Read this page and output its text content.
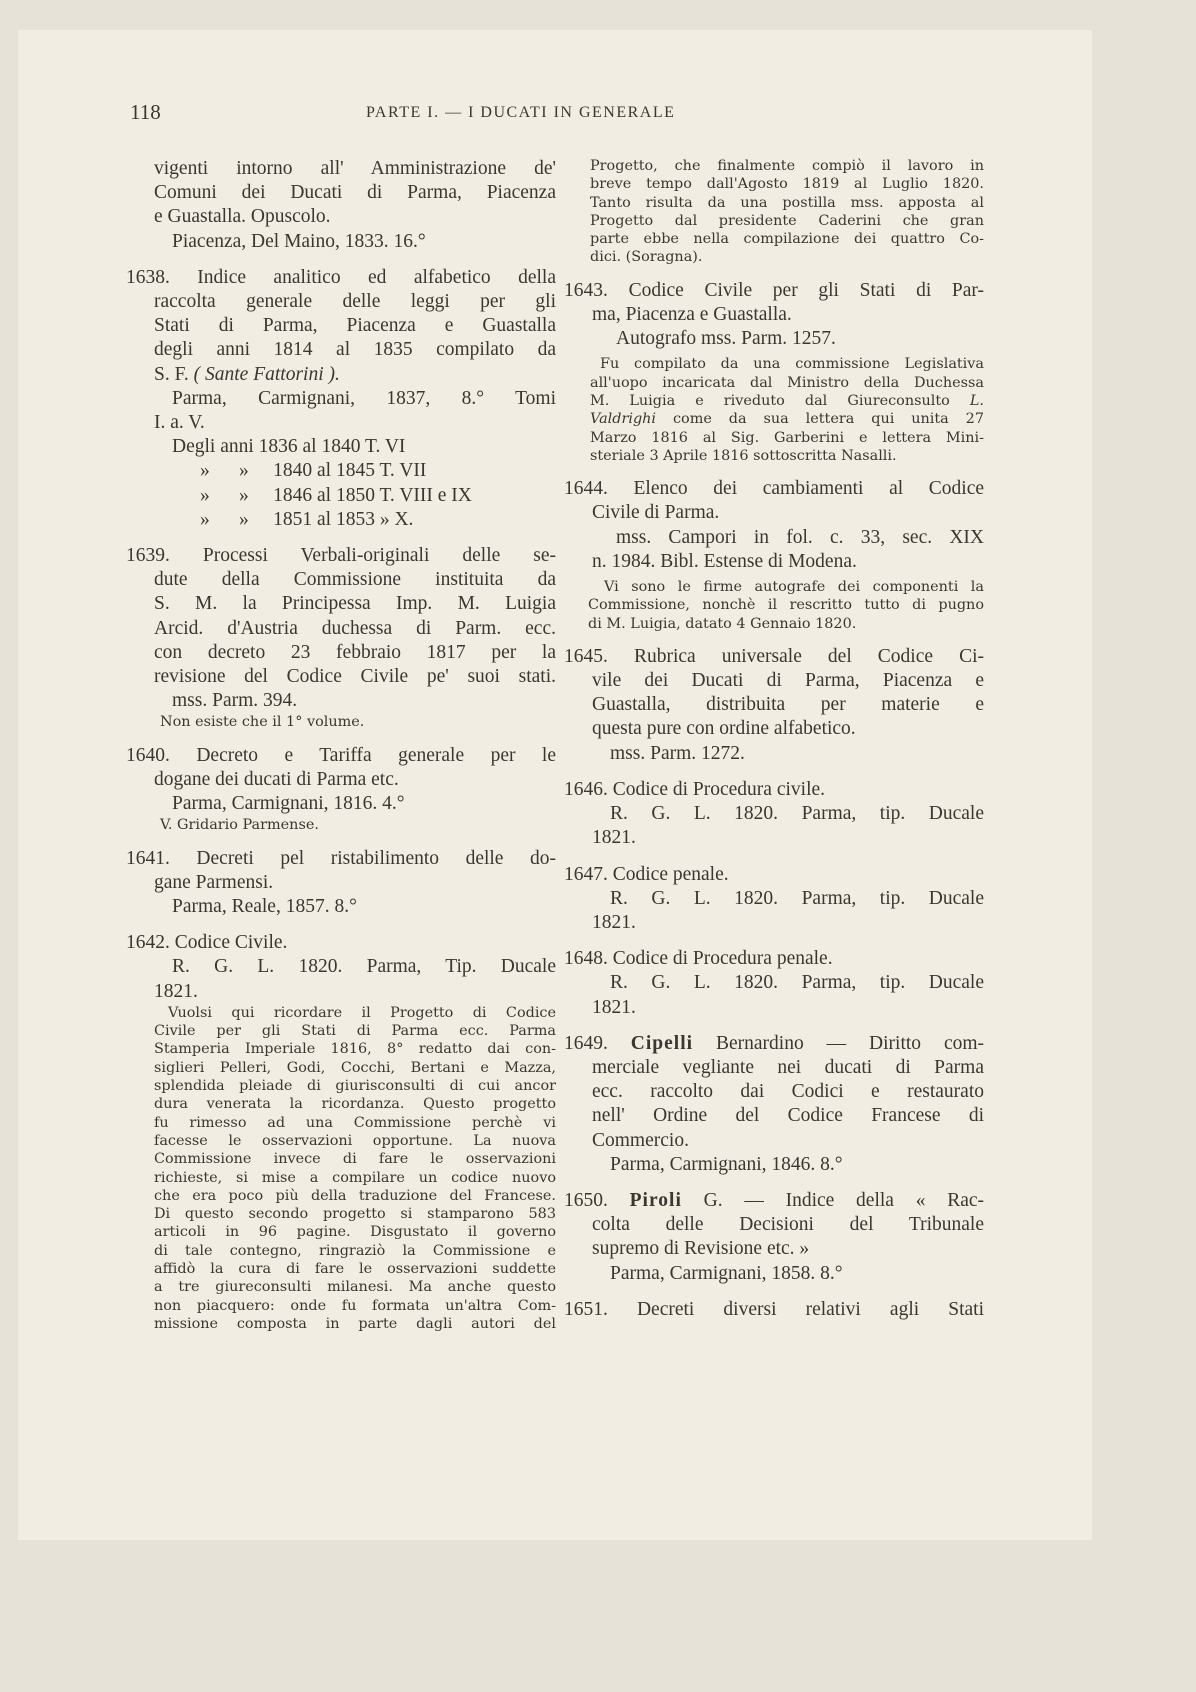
118	PARTE I. — I DUCATI IN GENERALE
vigenti intorno all' Amministrazione de'
Comuni dei Ducati di Parma, Piacenza
e Guastalla. Opuscolo.
Piacenza, Del Maino, 1833. 16.°
1638. Indice analitico ed alfabetico della
raccolta generale delle leggi per gli
Stati di Parma, Piacenza e Guastalla
degli anni 1814 al 1835 compilato da
S. F. ( Sante Fattorini ).
Parma, Carmignani, 1837, 8.° Tomi
I. a. V.
Degli anni 1836 al 1840 T. VI
»      »     1840 al 1845 T. VII
»      »     1846 al 1850 T. VIII e IX
»      »     1851 al 1853 » X.
1639. Processi Verbali-originali delle se-
dute della Commissione instituita da
S. M. la Principessa Imp. M. Luigia
Arcid. d'Austria duchessa di Parm. ecc.
con decreto 23 febbraio 1817 per la
revisione del Codice Civile pe' suoi stati.
mss. Parm. 394.
Non esiste che il 1° volume.
1640. Decreto e Tariffa generale per le
dogane dei ducati di Parma etc.
Parma, Carmignani, 1816. 4.°
V. Gridario Parmense.
1641. Decreti pel ristabilimento delle do-
gane Parmensi.
Parma, Reale, 1857. 8.°
1642. Codice Civile.
R. G. L. 1820. Parma, Tip. Ducale
1821.
Vuolsi qui ricordare il Progetto di Codice
Civile per gli Stati di Parma ecc. Parma
Stamperia Imperiale 1816, 8° redatto dai con-
siglieri Pelleri, Godi, Cocchi, Bertani e Mazza,
splendida pleiade di giurisconsulti di cui ancor
dura venerata la ricordanza. Questo progetto
fu rimesso ad una Commissione perchè vi
facesse le osservazioni opportune. La nuova
Commissione invece di fare le osservazioni
richieste, si mise a compilare un codice nuovo
che era poco più della traduzione del Francese.
Di questo secondo progetto si stamparono 583
articoli in 96 pagine. Disgustato il governo
di tale contegno, ringraziò la Commissione e
affidò la cura di fare le osservazioni suddette
a tre giureconsulti milanesi. Ma anche questo
non piacquero: onde fu formata un'altra Com-
missione composta in parte dagli autori del
Progetto, che finalmente compiò il lavoro in
breve tempo dall'Agosto 1819 al Luglio 1820.
Tanto risulta da una postilla mss. apposta al
Progetto dal presidente Caderini che gran
parte ebbe nella compilazione dei quattro Co-
dici. (Soragna).
1643. Codice Civile per gli Stati di Par-
ma, Piacenza e Guastalla.
Autografo mss. Parm. 1257.
Fu compilato da una commissione Legislativa
all'uopo incaricata dal Ministro della Duchessa
M. Luigia e riveduto dal Giureconsulto L.
Valdrighi come da sua lettera qui unita 27
Marzo 1816 al Sig. Garberini e lettera Mini-
steriale 3 Aprile 1816 sottoscritta Nasalli.
1644. Elenco dei cambiamenti al Codice
Civile di Parma.
mss. Campori in fol. c. 33, sec. XIX
n. 1984. Bibl. Estense di Modena.
Vi sono le firme autografe dei componenti la
Commissione, nonchè il rescritto tutto di pugno
di M. Luigia, datato 4 Gennaio 1820.
1645. Rubrica universale del Codice Ci-
vile dei Ducati di Parma, Piacenza e
Guastalla, distribuita per materie e
questa pure con ordine alfabetico.
mss. Parm. 1272.
1646. Codice di Procedura civile.
R. G. L. 1820. Parma, tip. Ducale
1821.
1647. Codice penale.
R. G. L. 1820. Parma, tip. Ducale
1821.
1648. Codice di Procedura penale.
R. G. L. 1820. Parma, tip. Ducale
1821.
1649. Cipelli Bernardino — Diritto com-
merciale vegliante nei ducati di Parma
ecc. raccolto dai Codici e restaurato
nell' Ordine del Codice Francese di
Commercio.
Parma, Carmignani, 1846. 8.°
1650. Piroli G. — Indice della « Rac-
colta delle Decisioni del Tribunale
supremo di Revisione etc. »
Parma, Carmignani, 1858. 8.°
1651. Decreti diversi relativi agli Stati
